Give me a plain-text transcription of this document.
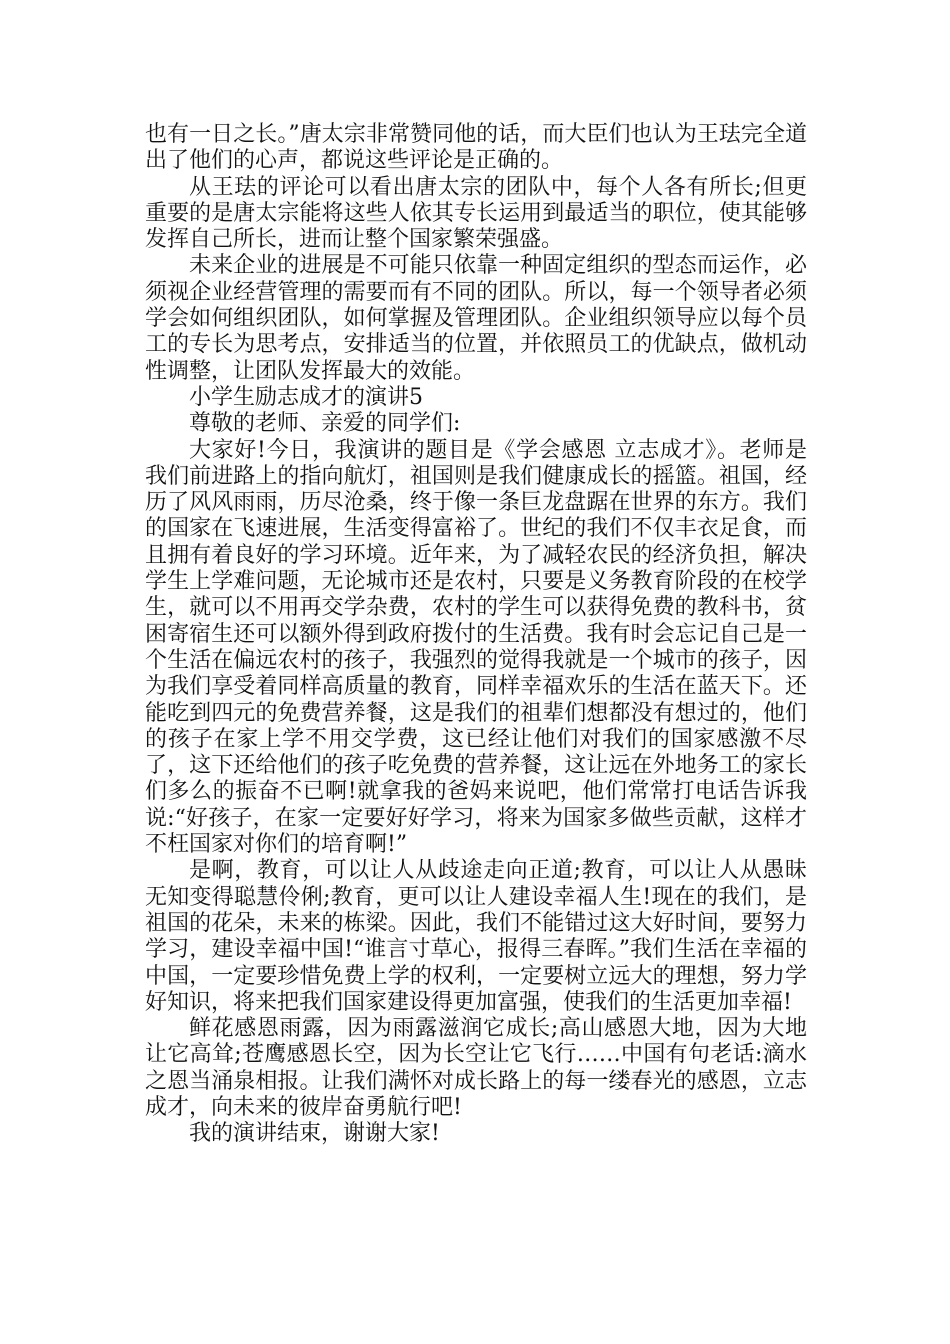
也有一日之长。”唐太宗非常赞同他的话，而大臣们也认为王珐完全道出了他们的心声，都说这些评论是正确的。

从王珐的评论可以看出唐太宗的团队中，每个人各有所长;但更重要的是唐太宗能将这些人依其专长运用到最适当的职位，使其能够发挥自己所长，进而让整个国家繁荣强盛。

未来企业的进展是不可能只依靠一种固定组织的型态而运作，必须视企业经营管理的需要而有不同的团队。所以，每一个领导者必须学会如何组织团队，如何掌握及管理团队。企业组织领导应以每个员工的专长为思考点，安排适当的位置，并依照员工的优缺点，做机动性调整，让团队发挥最大的效能。

小学生励志成才的演讲5

尊敬的老师、亲爱的同学们:

大家好!今日，我演讲的题目是《学会感恩 立志成才》。老师是我们前进路上的指向航灯，祖国则是我们健康成长的摇篮。祖国，经历了风风雨雨，历尽沧桑，终于像一条巨龙盘踞在世界的东方。我们的国家在飞速进展，生活变得富裕了。世纪的我们不仅丰衣足食，而且拥有着良好的学习环境。近年来，为了减轻农民的经济负担，解决学生上学难问题，无论城市还是农村，只要是义务教育阶段的在校学生，就可以不用再交学杂费，农村的学生可以获得免费的教科书，贫困寄宿生还可以额外得到政府拨付的生活费。我有时会忘记自己是一个生活在偏远农村的孩子，我强烈的觉得我就是一个城市的孩子，因为我们享受着同样高质量的教育，同样幸福欢乐的生活在蓝天下。还能吃到四元的免费营养餐，这是我们的祖辈们想都没有想过的，他们的孩子在家上学不用交学费，这已经让他们对我们的国家感激不尽了，这下还给他们的孩子吃免费的营养餐，这让远在外地务工的家长们多么的振奋不已啊!就拿我的爸妈来说吧，他们常常打电话告诉我说:“好孩子，在家一定要好好学习，将来为国家多做些贡献，这样才不枉国家对你们的培育啊!”

是啊，教育，可以让人从歧途走向正道;教育，可以让人从愚昧无知变得聪慧伶俐;教育，更可以让人建设幸福人生!现在的我们，是祖国的花朵，未来的栋梁。因此，我们不能错过这大好时间，要努力学习，建设幸福中国!“谁言寸草心，报得三春晖。”我们生活在幸福的中国，一定要珍惜免费上学的权利，一定要树立远大的理想，努力学好知识，将来把我们国家建设得更加富强，使我们的生活更加幸福!

鲜花感恩雨露，因为雨露滋润它成长;高山感恩大地，因为大地让它高耸;苍鹰感恩长空，因为长空让它飞行……中国有句老话:滴水之恩当涌泉相报。让我们满怀对成长路上的每一缕春光的感恩，立志成才，向未来的彼岸奋勇航行吧!

我的演讲结束，谢谢大家!
